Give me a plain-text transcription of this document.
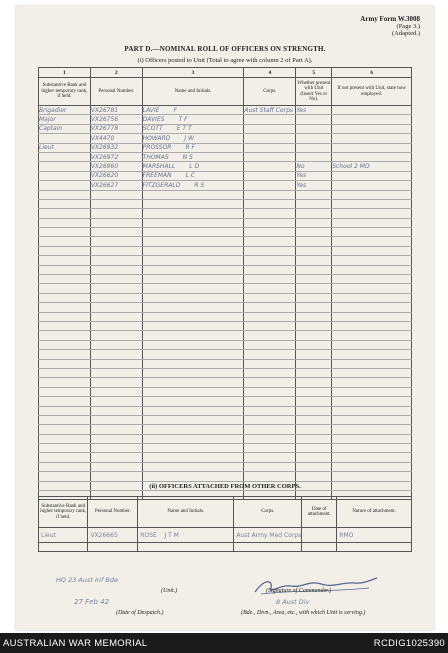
Army Form W.3008
(Page 3.)
(Adapted.)
PART D.—NOMINAL ROLL OF OFFICERS ON STRENGTH.
(i) Officers posted to Unit (Total to agree with column 2 of Part A).
1	2	3	4	5	6
Substantive Rank and higher temporary rank, if held.	Personal Number.	Name and Initials.	Corps.	Whether present with Unit (Insert Yes or No).	If not present with Unit, state how employed.
Brigadier	VX26781	LAVIE F	Aust Staff Corps	Yes	
Major	VX26756	DAVIES T F			
Captain	VX26778	SCOTT E T T			
	VX4470	HOWARD J W			
Lieut	VX26932	PROSSOR R F			
	VX26972	THOMAS N S			
	VX26960	MARSHALL L D		No	School 2 MD
	VX26620	FREEMAN L C		Yes	
	VX26627	FITZGERALD R S		Yes	

(ii) OFFICERS ATTACHED FROM OTHER CORPS.
Substantive Rank and higher temporary rank, if held.	Personal Number.	Name and Initials.	Corps.	Date of attachment.	Nature of attachment.
Lieut	VX26665	ROSE J T M	Aust Army Med Corps		RMO

HQ 23 Aust Inf Bde
(Unit.)
27 Feb 42
(Date of Despatch.)
(Signature of Commander.)
8 Aust Div
(Bde., Divn., Area, etc., with which Unit is serving.)
AUSTRALIAN WAR MEMORIAL	RCDIG1025390
